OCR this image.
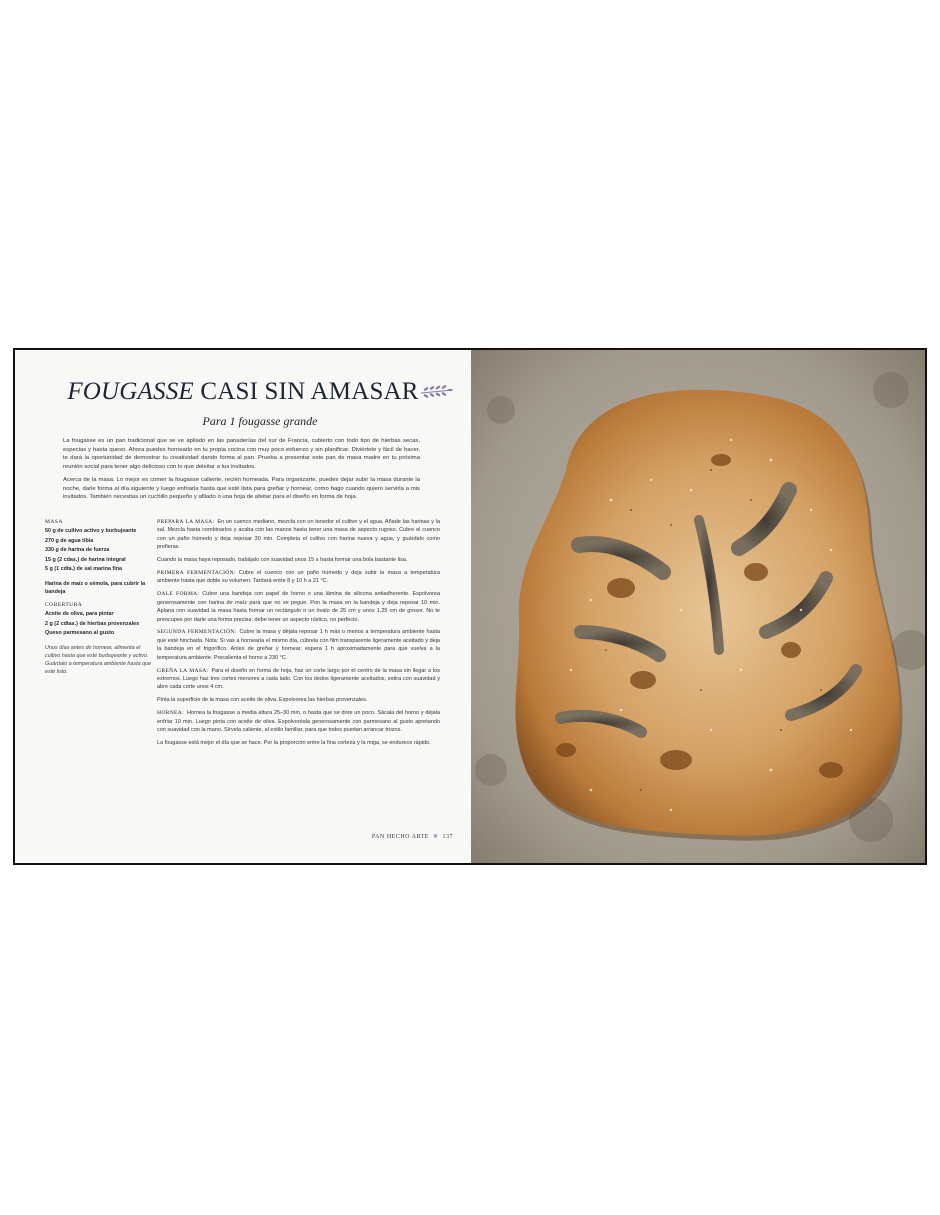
FOUGASSE CASI SIN AMASAR
Para 1 fougasse grande

La fougasse es un pan tradicional que se ve apilado en las panaderías del sur de Francia, cubierto con todo tipo de hierbas secas, especias y hasta queso. Ahora puedes hornearlo en tu propia cocina con muy poco esfuerzo y sin planificar. Diviértete y fácil de hacer, te dará la oportunidad de demostrar tu creatividad dando forma al pan. Prueba a presentar este pan de masa madre en tu próxima reunión social para tener algo delicioso con lo que deleitar a tus invitados.

Acerca de la masa: Lo mejor es comer la fougasse caliente, recién horneada. Para organizarte, puedes dejar subir la masa durante la noche, darle forma al día siguiente y luego enfriarla hasta que esté lista para greñar y hornear, como hago cuando quiero servirla a mis invitados. También necesitas un cuchillo pequeño y afilado o una hoja de afeitar para el diseño en forma de hoja.

MASA
50 g de cultivo activo y burbujeante
270 g de agua tibia
330 g de harina de fuerza
15 g (2 cdas.) de harina integral
5 g (1 cdta.) de sal marina fina
Harina de maíz o sémola, para cubrir la bandeja
COBERTURA
Aceite de oliva, para pintar
2 g (2 cdtas.) de hierbas provenzales
Queso parmesano al gusto
Unos días antes de hornear, alimenta el cultivo hasta que esté burbujeante y activo. Guárdalo a temperatura ambiente hasta que esté listo.

PREPARA LA MASA: En un cuenco mediano, mezcla con un tenedor el cultivo y el agua. Añade las harinas y la sal. Mezcla hasta combinarlos y acaba con las manos hasta tener una masa de aspecto rugoso. Cubre el cuenco con un paño húmedo y deja reposar 30 min. Completa el cultivo con harina nueva y agua, y guárdalo como prefieras.

Cuando la masa haya reposado, trabájalo con suavidad unos 15 s hasta formar una bola bastante lisa.

PRIMERA FERMENTACIÓN: Cubre el cuenco con un paño húmedo y deja subir la masa a temperatura ambiente hasta que doble su volumen. Tardará entre 8 y 10 h a 21 °C.

DALE FORMA: Cubre una bandeja con papel de horno o una lámina de silicona antiadherente. Espolvorea generosamente con harina de maíz para que no se pegue. Pon la masa en la bandeja y deja reposar 10 min. Aplana con suavidad la masa hasta formar un rectángulo o un óvalo de 25 cm y unos 1,25 cm de grosor. No te preocupes por darle una forma precisa: debe tener un aspecto rústico, no perfecto.

SEGUNDA FERMENTACIÓN: Cubre la masa y déjala reposar 1 h más o menos a temperatura ambiente hasta que esté hinchada. Nota: Si vas a hornearla el mismo día, cúbrela con film transparente ligeramente aceitado y deja la bandeja en el frigorífico. Antes de greñar y hornear, espera 1 h aproximadamente para que vuelva a la temperatura ambiente. Precalienta el horno a 230 °C.

GREÑA LA MASA: Para el diseño en forma de hoja, haz un corte largo por el centro de la masa sin llegar a los extremos. Luego haz tres cortes menores a cada lado. Con los dedos ligeramente aceitados, estira con suavidad y abre cada corte unos 4 cm.

Pinta la superficie de la masa con aceite de oliva. Espolvorea las hierbas provenzales.

HORNEA: Hornea la fougasse a media altura 25–30 min, o hasta que se dore un poco. Sácala del horno y déjala enfriar 10 min. Luego pinta con aceite de oliva. Espolvoréala generosamente con parmesano al gusto apretando con suavidad con la mano. Sírvela caliente, al estilo familiar, para que todos puedan arrancar trozos.

La fougasse está mejor el día que se hace. Por la proporción entre la fina corteza y la miga, se endurece rápido.

PAN HECHO ARTE ❦ 137
